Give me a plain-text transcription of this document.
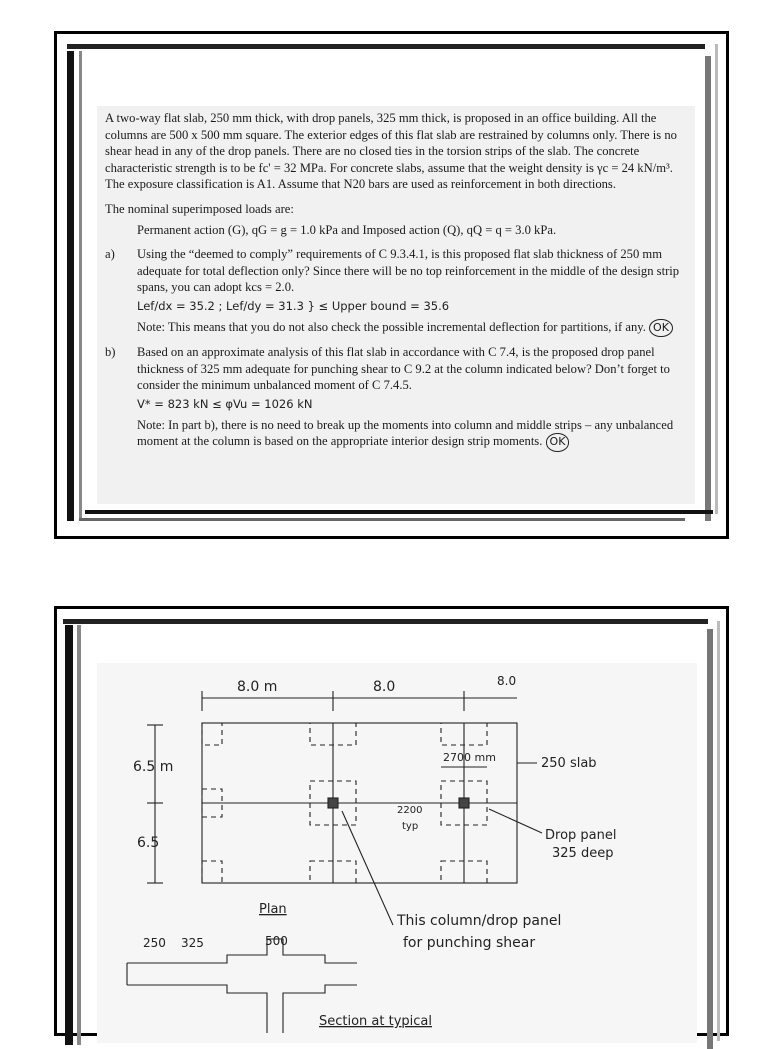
A two-way flat slab, 250 mm thick, with drop panels, 325 mm thick, is proposed in an office building. All the columns are 500 x 500 mm square. The exterior edges of this flat slab are restrained by columns only. There is no shear head in any of the drop panels. There are no closed ties in the torsion strips of the slab. The concrete characteristic strength is to be fc' = 32 MPa. For concrete slabs, assume that the weight density is γc = 24 kN/m³. The exposure classification is A1. Assume that N20 bars are used as reinforcement in both directions.

The nominal superimposed loads are:

Permanent action (G), qG = g = 1.0 kPa and Imposed action (Q), qQ = q = 3.0 kPa.

a)	Using the “deemed to comply” requirements of C 9.3.4.1, is this proposed flat slab thickness of 250 mm adequate for total deflection only? Since there will be no top reinforcement in the middle of the design strip spans, you can adopt kcs = 2.0.

Lef/dx = 35.2 ; Lef/dy = 31.3 } ≤ Upper bound = 35.6

Note: This means that you do not also check the possible incremental deflection for partitions, if any. OK

b)	Based on an approximate analysis of this flat slab in accordance with C 7.4, is the proposed drop panel thickness of 325 mm adequate for punching shear to C 9.2 at the column indicated below? Don’t forget to consider the minimum unbalanced moment of C 7.4.5.

V* = 823 kN ≤ φVu = 1026 kN

Note: In part b), there is no need to break up the moments into column and middle strips – any unbalanced moment at the column is based on the appropriate interior design strip moments. OK

8.0 m	8.0	8.0
6.5 m
6.5
2700 mm
2200
typ
250 slab
Drop panel
325 deep
Plan
This column/drop panel
for punching shear
250 325	500
Section at typical
